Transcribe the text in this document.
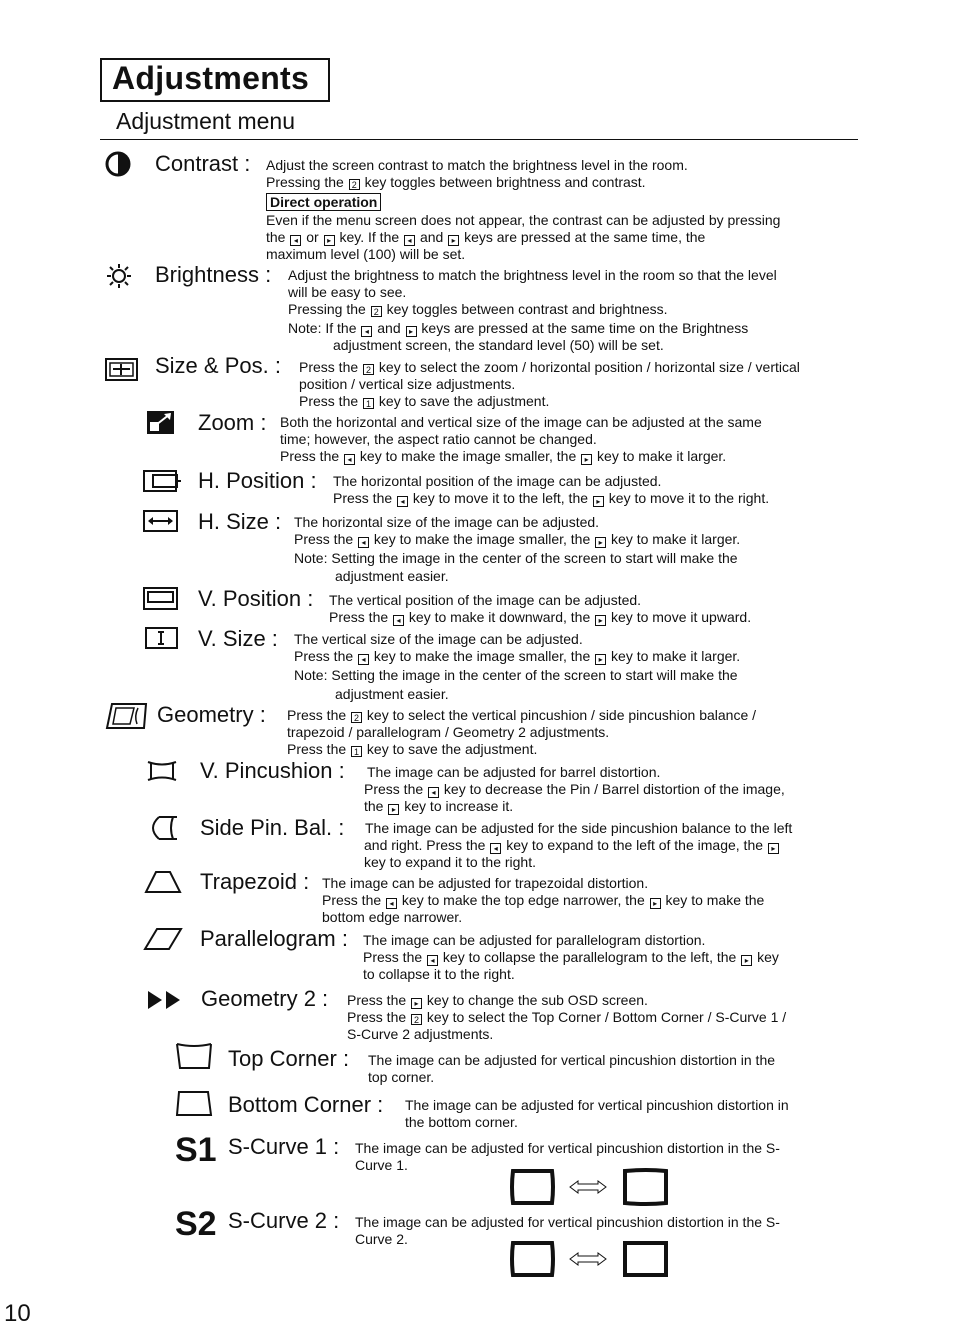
Adjustments
Adjustment menu
Contrast : Adjust the screen contrast to match the brightness level in the room.
Pressing the 2 key toggles between brightness and contrast.
Direct operation
Even if the menu screen does not appear, the contrast can be adjusted by pressing
the ◂ or ▸ key. If the ◂ and ▸ keys are pressed at the same time, the
maximum level (100) will be set.
Brightness : Adjust the brightness to match the brightness level in the room so that the level
will be easy to see.
Pressing the 2 key toggles between contrast and brightness.
Note: If the ◂ and ▸ keys are pressed at the same time on the Brightness
adjustment screen, the standard level (50) will be set.
Size & Pos. : Press the 2 key to select the zoom / horizontal position / horizontal size / vertical
position / vertical size adjustments.
Press the 1 key to save the adjustment.
Zoom : Both the horizontal and vertical size of the image can be adjusted at the same
time; however, the aspect ratio cannot be changed.
Press the ◂ key to make the image smaller, the ▸ key to make it larger.
H. Position : The horizontal position of the image can be adjusted.
Press the ◂ key to move it to the left, the ▸ key to move it to the right.
H. Size : The horizontal size of the image can be adjusted.
Press the ◂ key to make the image smaller, the ▸ key to make it larger.
Note: Setting the image in the center of the screen to start will make the
adjustment easier.
V. Position : The vertical position of the image can be adjusted.
Press the ◂ key to make it downward, the ▸ key to move it upward.
V. Size : The vertical size of the image can be adjusted.
Press the ◂ key to make the image smaller, the ▸ key to make it larger.
Note: Setting the image in the center of the screen to start will make the
adjustment easier.
Geometry : Press the 2 key to select the vertical pincushion / side pincushion balance /
trapezoid / parallelogram / Geometry 2 adjustments.
Press the 1 key to save the adjustment.
V. Pincushion : The image can be adjusted for barrel distortion.
Press the ◂ key to decrease the Pin / Barrel distortion of the image,
the ▸ key to increase it.
Side Pin. Bal. : The image can be adjusted for the side pincushion balance to the left
and right. Press the ◂ key to expand to the left of the image, the ▸
key to expand it to the right.
Trapezoid : The image can be adjusted for trapezoidal distortion.
Press the ◂ key to make the top edge narrower, the ▸ key to make the
bottom edge narrower.
Parallelogram : The image can be adjusted for parallelogram distortion.
Press the ◂ key to collapse the parallelogram to the left, the ▸ key
to collapse it to the right.
Geometry 2 : Press the ▸ key to change the sub OSD screen.
Press the 2 key to select the Top Corner / Bottom Corner / S-Curve 1 /
S-Curve 2 adjustments.
Top Corner : The image can be adjusted for vertical pincushion distortion in the
top corner.
Bottom Corner : The image can be adjusted for vertical pincushion distortion in
the bottom corner.
S1 S-Curve 1 : The image can be adjusted for vertical pincushion distortion in the S-
Curve 1.
S2 S-Curve 2 : The image can be adjusted for vertical pincushion distortion in the S-
Curve 2.
10
